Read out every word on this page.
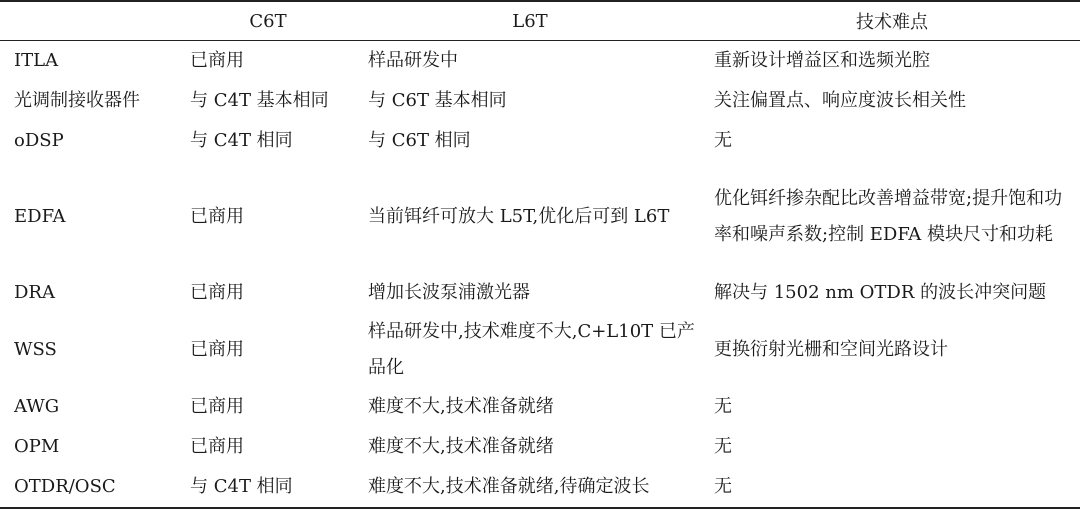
	C6T	L6T	技术难点
ITLA	已商用	样品研发中	重新设计增益区和选频光腔
光调制接收器件	与 C4T 基本相同	与 C6T 基本相同	关注偏置点、响应度波长相关性
oDSP	与 C4T 相同	与 C6T 相同	无
EDFA	已商用	当前铒纤可放大 L5T,优化后可到 L6T	优化铒纤掺杂配比改善增益带宽;提升饱和功率和噪声系数;控制 EDFA 模块尺寸和功耗
DRA	已商用	增加长波泵浦激光器	解决与 1502 nm OTDR 的波长冲突问题
WSS	已商用	样品研发中,技术难度不大,C+L10T 已产品化	更换衍射光栅和空间光路设计
AWG	已商用	难度不大,技术准备就绪	无
OPM	已商用	难度不大,技术准备就绪	无
OTDR/OSC	与 C4T 相同	难度不大,技术准备就绪,待确定波长	无
